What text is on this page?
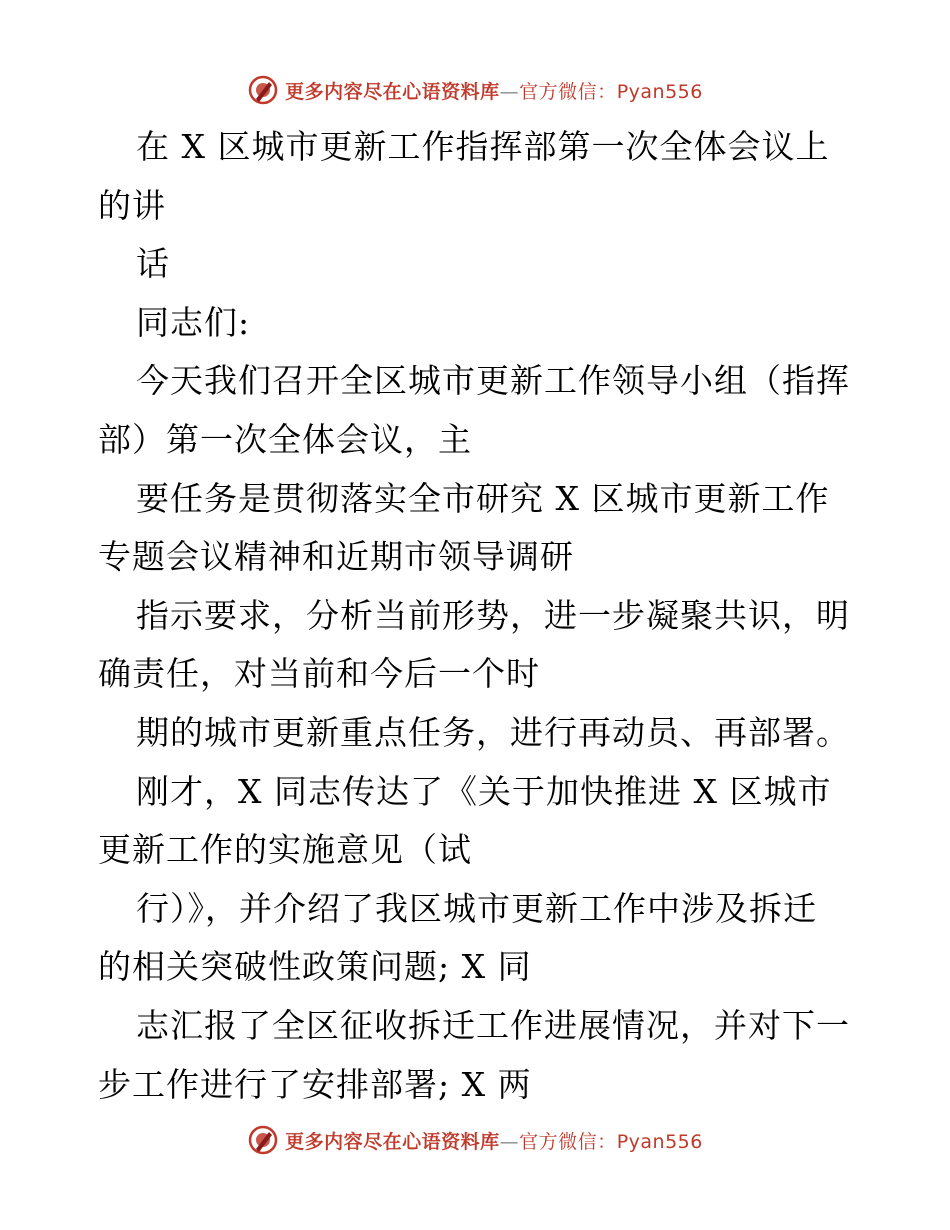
更多内容尽在心语资料库—官方微信：Pyan556
在 X 区城市更新工作指挥部第一次全体会议上
的讲
话
同志们:
今天我们召开全区城市更新工作领导小组（指挥
部）第一次全体会议，主
要任务是贯彻落实全市研究 X 区城市更新工作
专题会议精神和近期市领导调研
指示要求，分析当前形势，进一步凝聚共识，明
确责任，对当前和今后一个时
期的城市更新重点任务，进行再动员、再部署。
刚才，X 同志传达了《关于加快推进 X 区城市
更新工作的实施意见（试
行）》，并介绍了我区城市更新工作中涉及拆迁
的相关突破性政策问题; X 同
志汇报了全区征收拆迁工作进展情况，并对下一
步工作进行了安排部署; X 两
更多内容尽在心语资料库—官方微信：Pyan556
